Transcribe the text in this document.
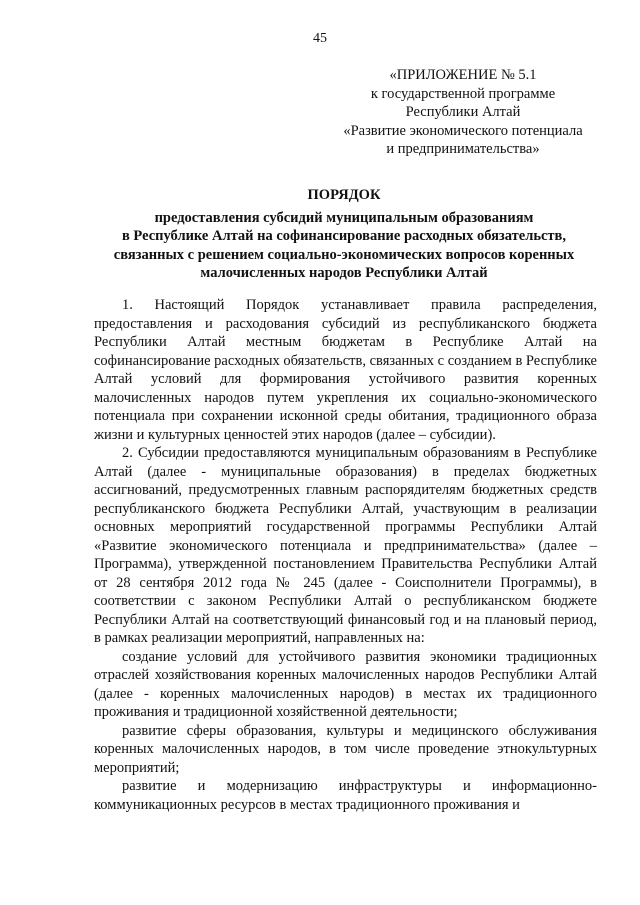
45
«ПРИЛОЖЕНИЕ № 5.1
к государственной программе
Республики Алтай
«Развитие экономического потенциала
и предпринимательства»
ПОРЯДОК
предоставления субсидий муниципальным образованиям
в Республике Алтай на софинансирование расходных обязательств,
связанных с решением социально-экономических вопросов коренных
малочисленных народов Республики Алтай

1. Настоящий Порядок устанавливает правила распределения, предоставления и расходования субсидий из республиканского бюджета Республики Алтай местным бюджетам в Республике Алтай на софинансирование расходных обязательств, связанных с созданием в Республике Алтай условий для формирования устойчивого развития коренных малочисленных народов путем укрепления их социально-экономического потенциала при сохранении исконной среды обитания, традиционного образа жизни и культурных ценностей этих народов (далее – субсидии).

2. Субсидии предоставляются муниципальным образованиям в Республике Алтай (далее - муниципальные образования) в пределах бюджетных ассигнований, предусмотренных главным распорядителям бюджетных средств республиканского бюджета Республики Алтай, участвующим в реализации основных мероприятий государственной программы Республики Алтай «Развитие экономического потенциала и предпринимательства» (далее – Программа), утвержденной постановлением Правительства Республики Алтай от 28 сентября 2012 года № 245 (далее - Соисполнители Программы), в соответствии с законом Республики Алтай о республиканском бюджете Республики Алтай на соответствующий финансовый год и на плановый период, в рамках реализации мероприятий, направленных на:

создание условий для устойчивого развития экономики традиционных отраслей хозяйствования коренных малочисленных народов Республики Алтай (далее - коренных малочисленных народов) в местах их традиционного проживания и традиционной хозяйственной деятельности;

развитие сферы образования, культуры и медицинского обслуживания коренных малочисленных народов, в том числе проведение этнокультурных мероприятий;

развитие и модернизацию инфраструктуры и информационно-коммуникационных ресурсов в местах традиционного проживания и
